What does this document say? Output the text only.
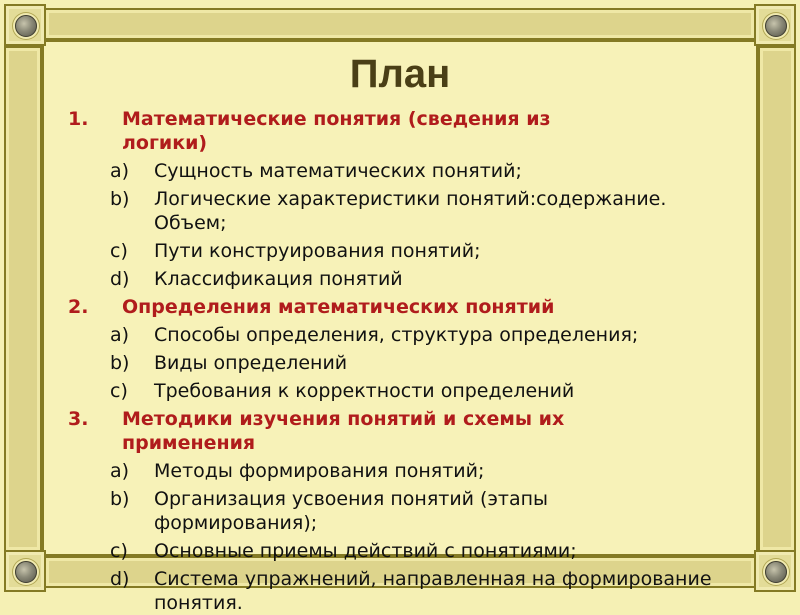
План
1.	Математические понятия (сведения из логики)
a)	Сущность математических понятий;
b)	Логические характеристики понятий:содержание. Объем;
c)	Пути конструирования понятий;
d)	Классификация понятий
2.	Определения математических понятий
a)	Способы определения, структура определения;
b)	Виды определений
c)	Требования к корректности определений
3.	Методики изучения понятий и схемы их применения
a)	Методы формирования понятий;
b)	Организация усвоения понятий (этапы формирования);
c)	Основные приемы действий с понятиями;
d)	Система упражнений, направленная на формирование понятия.
